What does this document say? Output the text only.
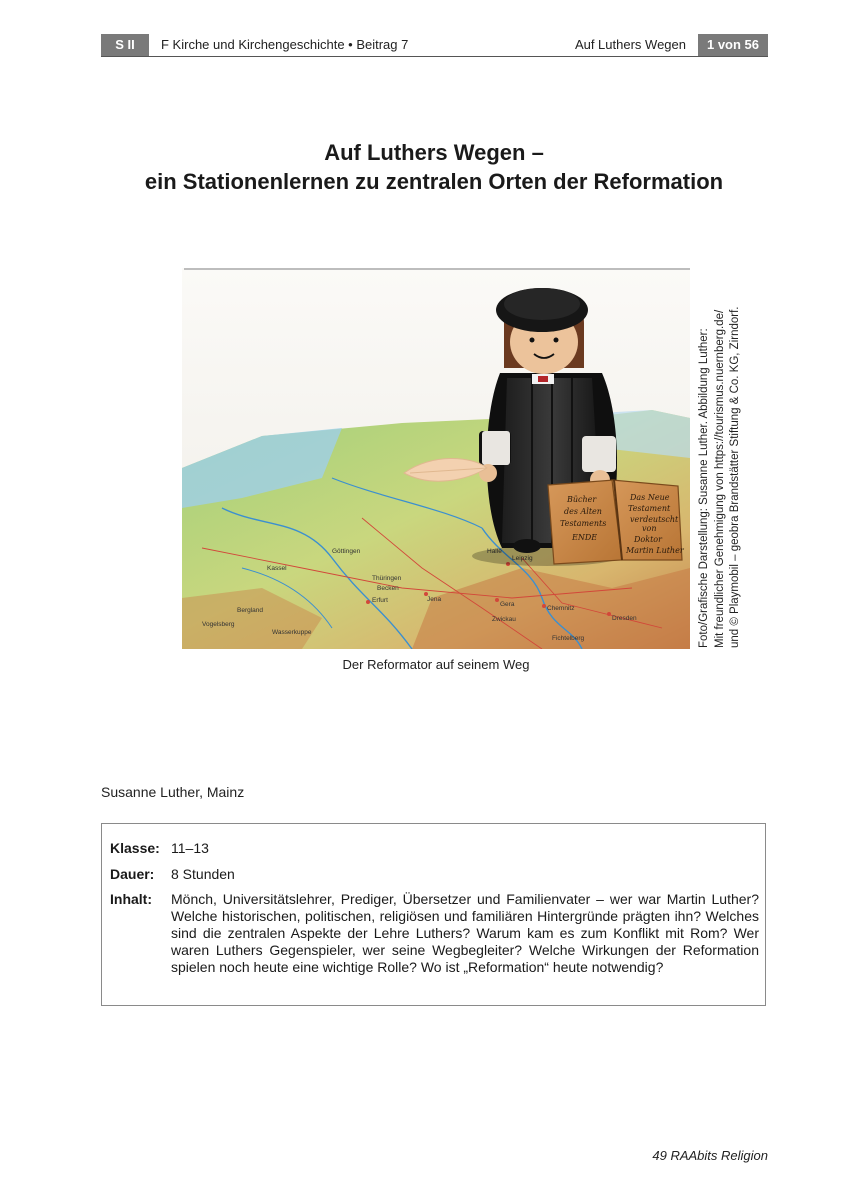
S II	F Kirche und Kirchengeschichte • Beitrag 7	Auf Luthers Wegen	1 von 56
Auf Luthers Wegen –
ein Stationenlernen zu zentralen Orten der Reformation
Göttingen
Kassel
Thüringen
Becken
Erfurt	Jena
Gera
Chemnitz
Leipzig
Halle
Zwickau	Dresden
Bergland
Vogelsberg
Wasserkuppe
Fichtelberg
Bücher
des Alten
Testaments
ENDE
Das Neue
Testament
verdeutscht
von
Doktor
Martin Luther Foto/Grafische Darstellung: Susanne Luther. Abbildung Luther: Mit freundlicher Genehmigung von https://tourismus.nuernberg.de/ und © Playmobil – geobra Brandstätter Stiftung & Co. KG, Zirndorf.
Der Reformator auf seinem Weg
Susanne Luther, Mainz
Klasse: 11–13
Dauer: 8 Stunden
Inhalt: Mönch, Universitätslehrer, Prediger, Übersetzer und Familienvater – wer war Martin Luther? Welche historischen, politischen, religiösen und familiären Hintergründe prägten ihn? Welches sind die zentralen Aspekte der Lehre Luthers? Warum kam es zum Konflikt mit Rom? Wer waren Luthers Gegenspieler, wer seine Wegbegleiter? Welche Wirkungen der Reformation spielen noch heute eine wichtige Rolle? Wo ist „Reformation“ heute notwendig?
49 RAAbits Religion
